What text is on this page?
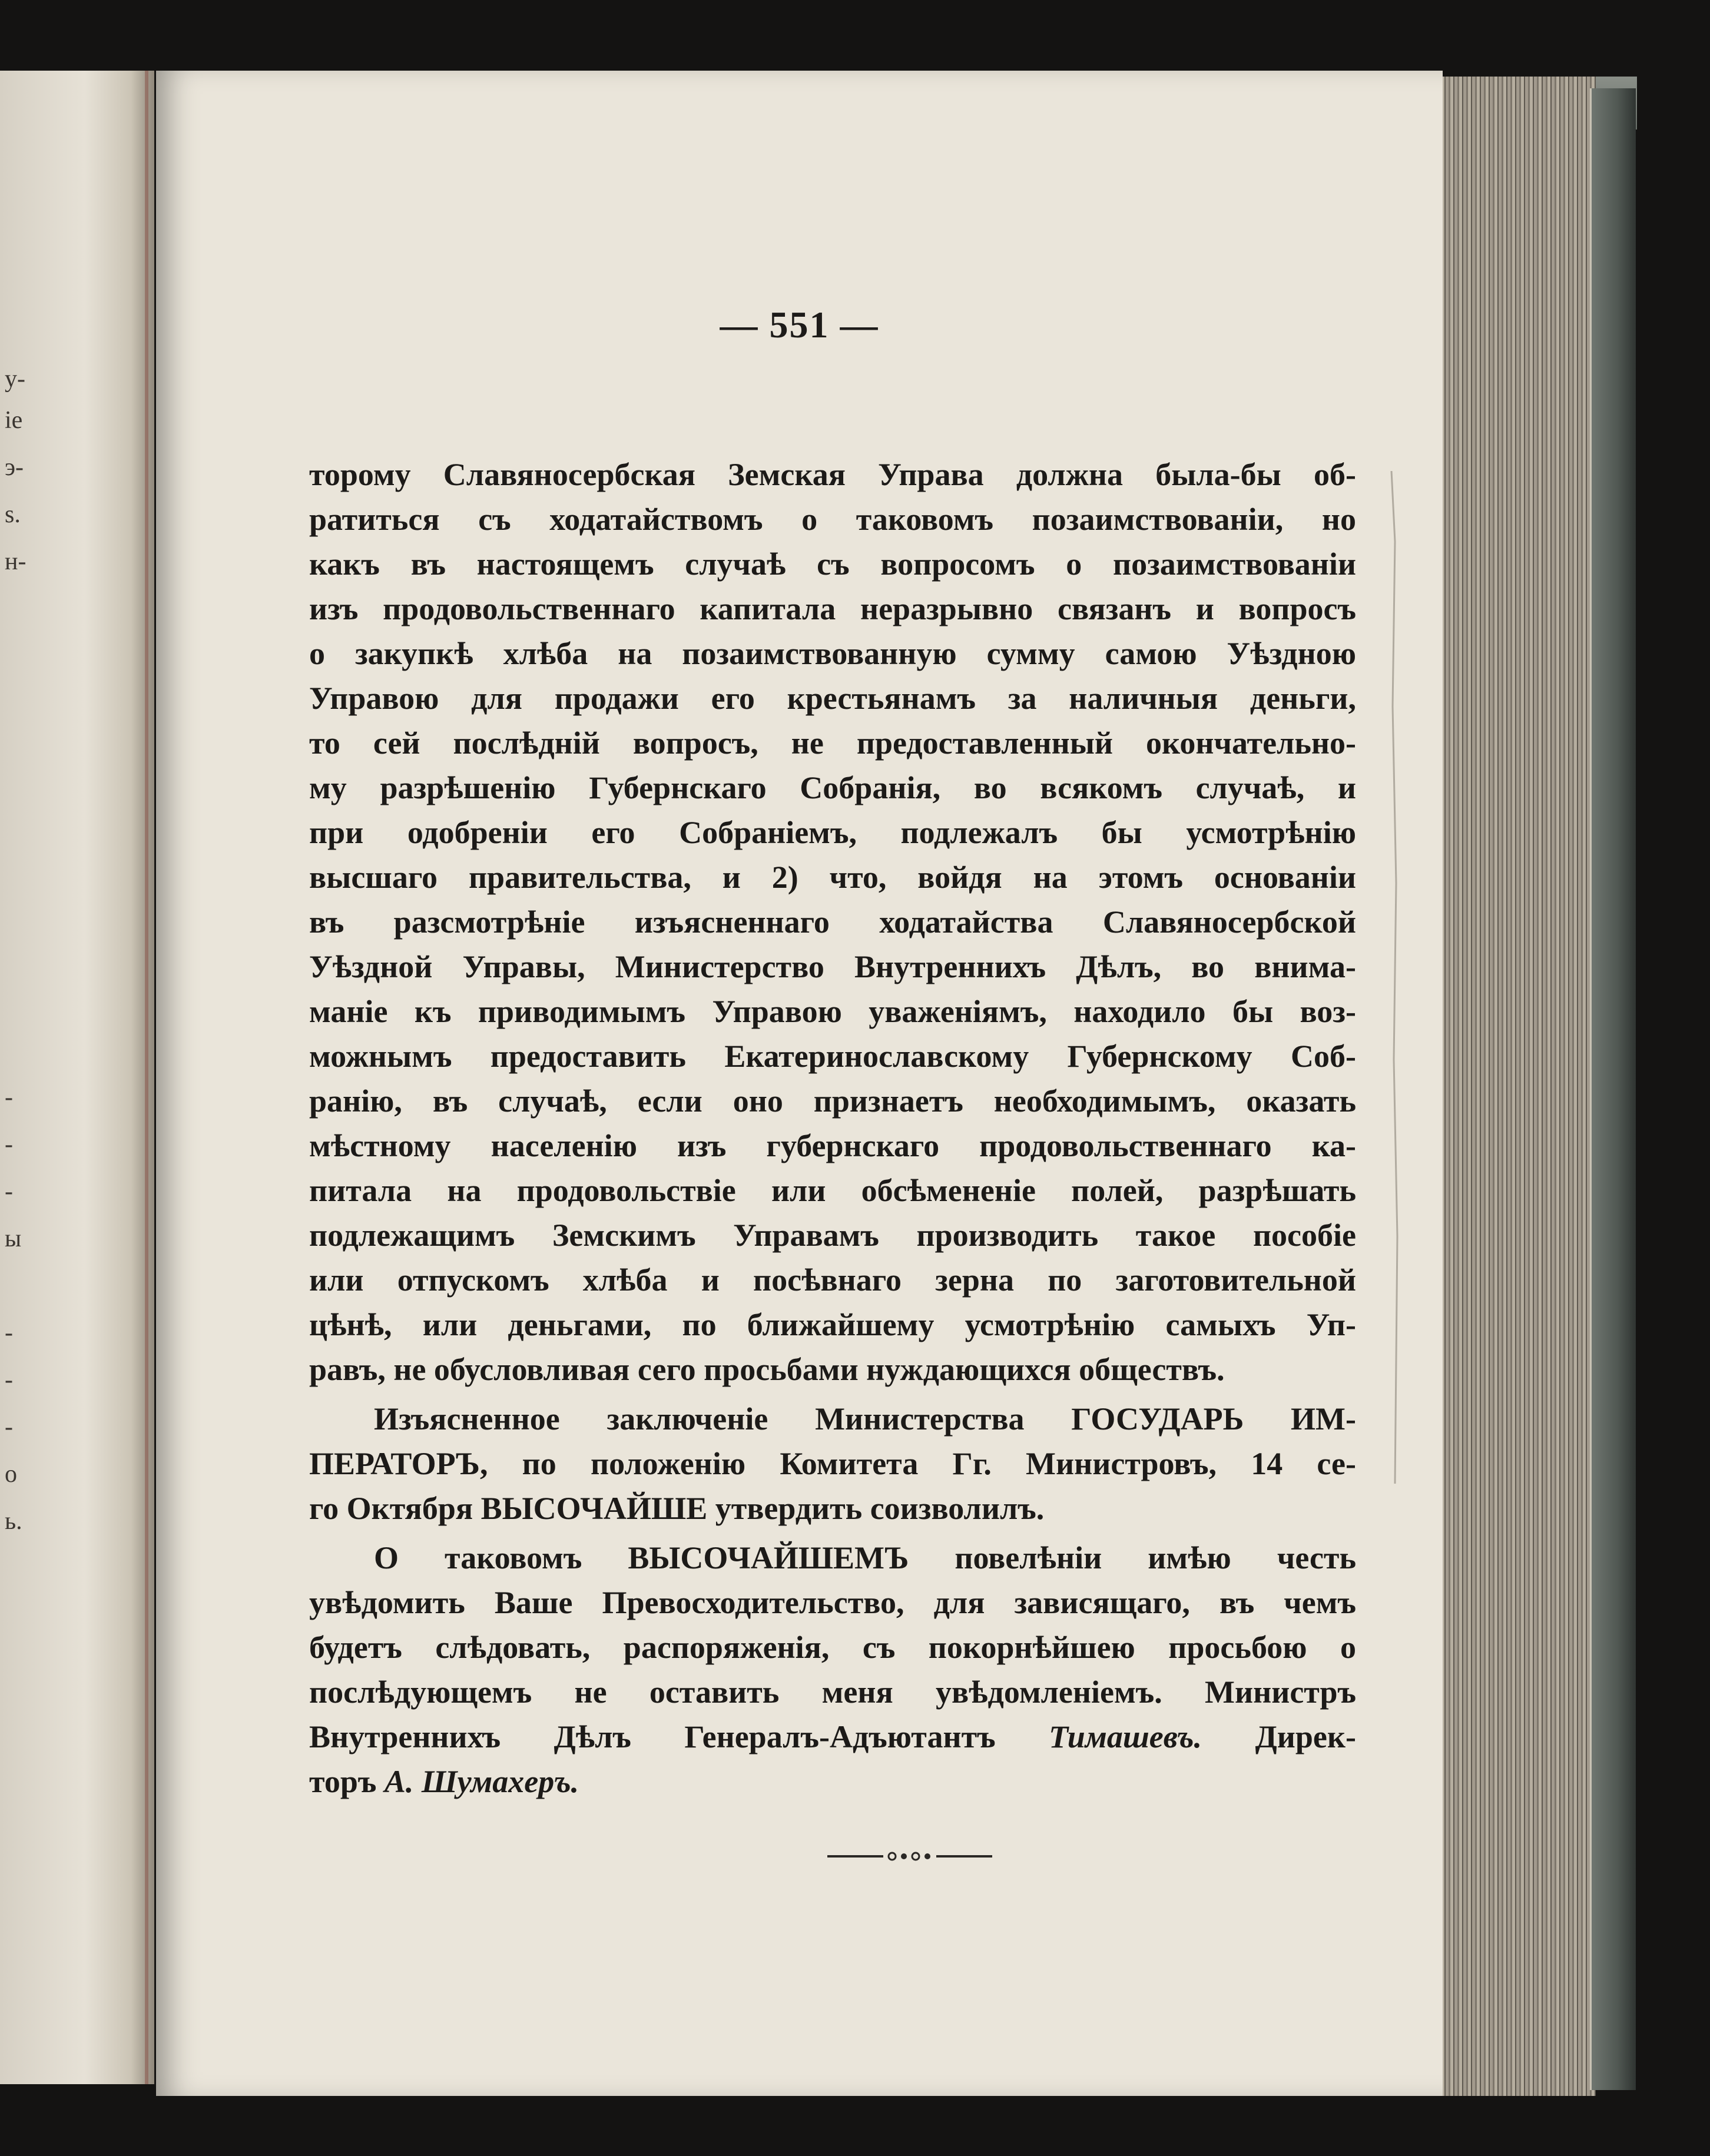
у-
іе
э-
s.
н-
-
-
-
ы
-
-
-
о
ь.
— 551 —
торому Славяносербская Земская Управа должна была-бы об-
ратиться съ ходатайствомъ о таковомъ позаимствованіи, но
какъ въ настоящемъ случаѣ съ вопросомъ о позаимствованіи
изъ продовольственнаго капитала неразрывно связанъ и вопросъ
о закупкѣ хлѣба на позаимствованную сумму самою Уѣздною
Управою для продажи его крестьянамъ за наличныя деньги,
то сей послѣдній вопросъ, не предоставленный окончательно-
му разрѣшенію Губернскаго Собранія, во всякомъ случаѣ, и
при одобреніи его Собраніемъ, подлежалъ бы усмотрѣнію
высшаго правительства, и 2) что, войдя на этомъ основаніи
въ разсмотрѣніе изъясненнаго ходатайства Славяносербской
Уѣздной Управы, Министерство Внутреннихъ Дѣлъ, во внима-
маніе къ приводимымъ Управою уваженіямъ, находило бы воз-
можнымъ предоставить Екатеринославскому Губернскому Соб-
ранію, въ случаѣ, если оно признаетъ необходимымъ, оказать
мѣстному населенію изъ губернскаго продовольственнаго ка-
питала на продовольствіе или обсѣмененіе полей, разрѣшать
подлежащимъ Земскимъ Управамъ производить такое пособіе
или отпускомъ хлѣба и посѣвнаго зерна по заготовительной
цѣнѣ, или деньгами, по ближайшему усмотрѣнію самыхъ Уп-
равъ, не обусловливая сего просьбами нуждающихся обществъ.
Изъясненное заключеніе Министерства ГОСУДАРЬ ИМ-
ПЕРАТОРЪ, по положенію Комитета Гг. Министровъ, 14 се-
го Октября ВЫСОЧАЙШЕ утвердить соизволилъ.
О таковомъ ВЫСОЧАЙШЕМЪ повелѣніи имѣю честь
увѣдомить Ваше Превосходительство, для зависящаго, въ чемъ
будетъ слѣдовать, распоряженія, съ покорнѣйшею просьбою о
послѣдующемъ не оставить меня увѣдомленіемъ. Министръ
Внутреннихъ Дѣлъ Генералъ-Адъютантъ Тимашевъ. Дирек-
торъ А. Шумахеръ.
